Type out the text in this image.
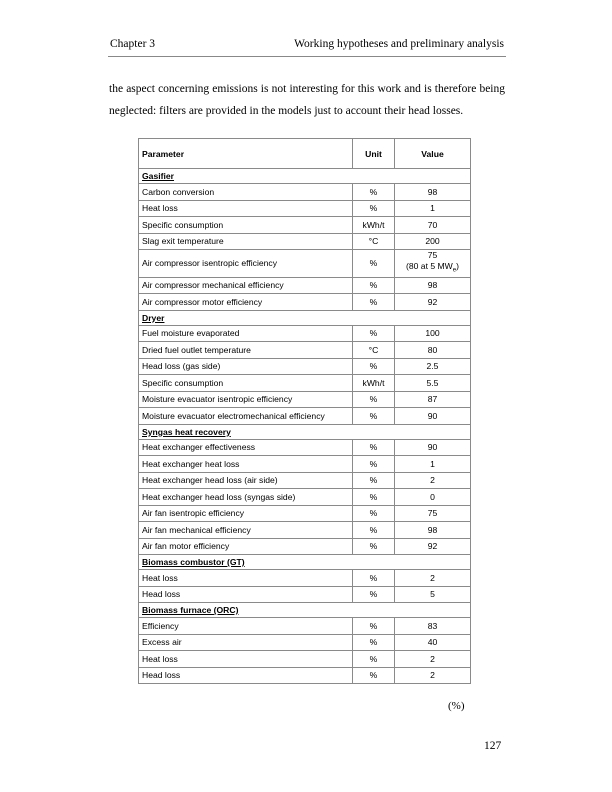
Chapter 3	Working hypotheses and preliminary analysis

the aspect concerning emissions is not interesting for this work and is therefore being

neglected: filters are provided in the models just to account their head losses.

Parameter	Unit	Value
Gasifier		
Carbon conversion	%	98
Heat loss	%	1
Specific consumption	kWh/t	70
Slag exit temperature	°C	200
Air compressor isentropic efficiency	%	75
(80 at 5 $MW_e$)

Air compressor mechanical efficiency	%	98
Air compressor motor efficiency	%	92
Dryer		
Fuel moisture evaporated	%	100
Dried fuel outlet temperature	°C	80
Head loss (gas side)	%	2.5
Specific consumption	kWh/t	5.5
Moisture evacuator isentropic efficiency	%	87
Moisture evacuator electromechanical efficiency	%	90
Syngas heat recovery		
Heat exchanger effectiveness	%	90
Heat exchanger heat loss	%	1
Heat exchanger head loss (air side)	%	2
Heat exchanger head loss (syngas side)	%	0
Air fan isentropic efficiency	%	75
Air fan mechanical efficiency	%	98
Air fan motor efficiency	%	92
Biomass combustor (GT)		
Heat loss	%	2
Head loss	%	5
Biomass furnace (ORC)		
Efficiency	%	83
Excess air	%	40
Heat loss	%	2
Head loss	%	2
(%)
127
